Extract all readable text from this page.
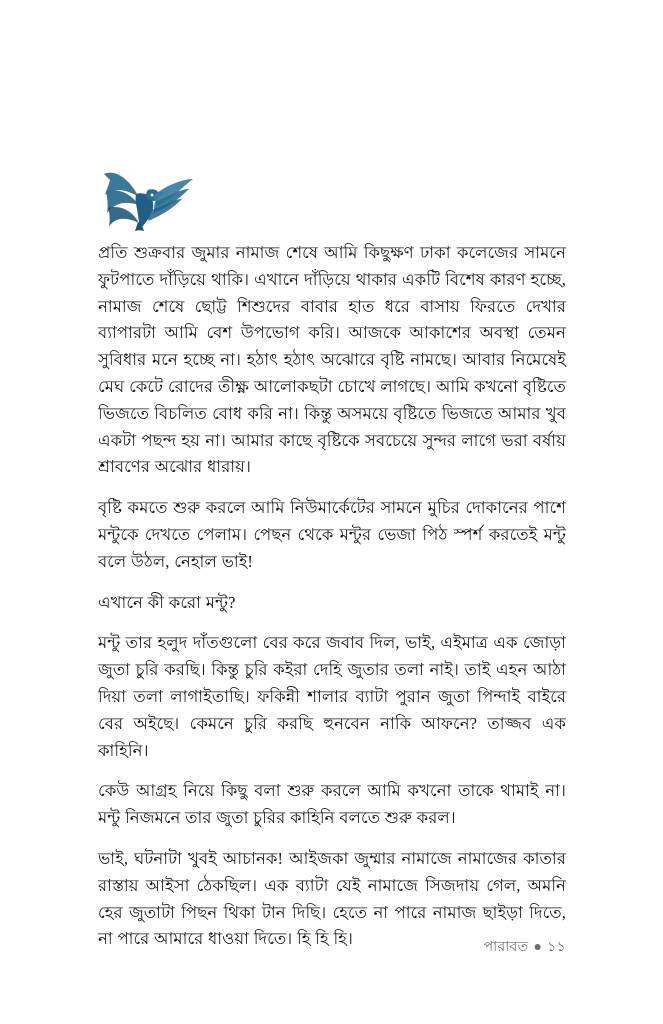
প্রতি শুক্রবার জুমার নামাজ শেষে আমি কিছুক্ষণ ঢাকা কলেজের সামনে ফুটপাতে দাঁড়িয়ে থাকি। এখানে দাঁড়িয়ে থাকার একটি বিশেষ কারণ হচ্ছে, নামাজ শেষে ছোট্ট শিশুদের বাবার হাত ধরে বাসায় ফিরতে দেখার ব্যাপারটা আমি বেশ উপভোগ করি। আজকে আকাশের অবস্থা তেমন সুবিধার মনে হচ্ছে না। হঠাৎ হঠাৎ অঝোরে বৃষ্টি নামছে। আবার নিমেষেই মেঘ কেটে রোদের তীক্ষ্ণ আলোকছটা চোখে লাগছে। আমি কখনো বৃষ্টিতে ভিজতে বিচলিত বোধ করি না। কিন্তু অসময়ে বৃষ্টিতে ভিজতে আমার খুব একটা পছন্দ হয় না। আমার কাছে বৃষ্টিকে সবচেয়ে সুন্দর লাগে ভরা বর্ষায় শ্রাবণের অঝোর ধারায়।

বৃষ্টি কমতে শুরু করলে আমি নিউমার্কেটের সামনে মুচির দোকানের পাশে মন্টুকে দেখতে পেলাম। পেছন থেকে মন্টুর ভেজা পিঠ স্পর্শ করতেই মন্টু বলে উঠল, নেহাল ভাই!

এখানে কী করো মন্টু?

মন্টু তার হলুদ দাঁতগুলো বের করে জবাব দিল, ভাই, এইমাত্র এক জোড়া জুতা চুরি করছি। কিন্তু চুরি কইরা দেহি জুতার তলা নাই। তাই এহন আঠা দিয়া তলা লাগাইতাছি। ফকিন্নী শালার ব্যাটা পুরান জুতা পিন্দাই বাইরে বের অইছে। কেমনে চুরি করছি হুনবেন নাকি আফনে? তাজ্জব এক কাহিনি।

কেউ আগ্রহ নিয়ে কিছু বলা শুরু করলে আমি কখনো তাকে থামাই না। মন্টু নিজমনে তার জুতা চুরির কাহিনি বলতে শুরু করল।

ভাই, ঘটনাটা খুবই আচানক! আইজকা জুম্মার নামাজে নামাজের কাতার রাস্তায় আইসা ঠেকছিল। এক ব্যাটা যেই নামাজে সিজদায় গেল, অমনি হের জুতাটা পিছন থিকা টান দিছি। হেতে না পারে নামাজ ছাইড়া দিতে, না পারে আমারে ধাওয়া দিতে। হি হি হি।	পারাবত ● ১১
